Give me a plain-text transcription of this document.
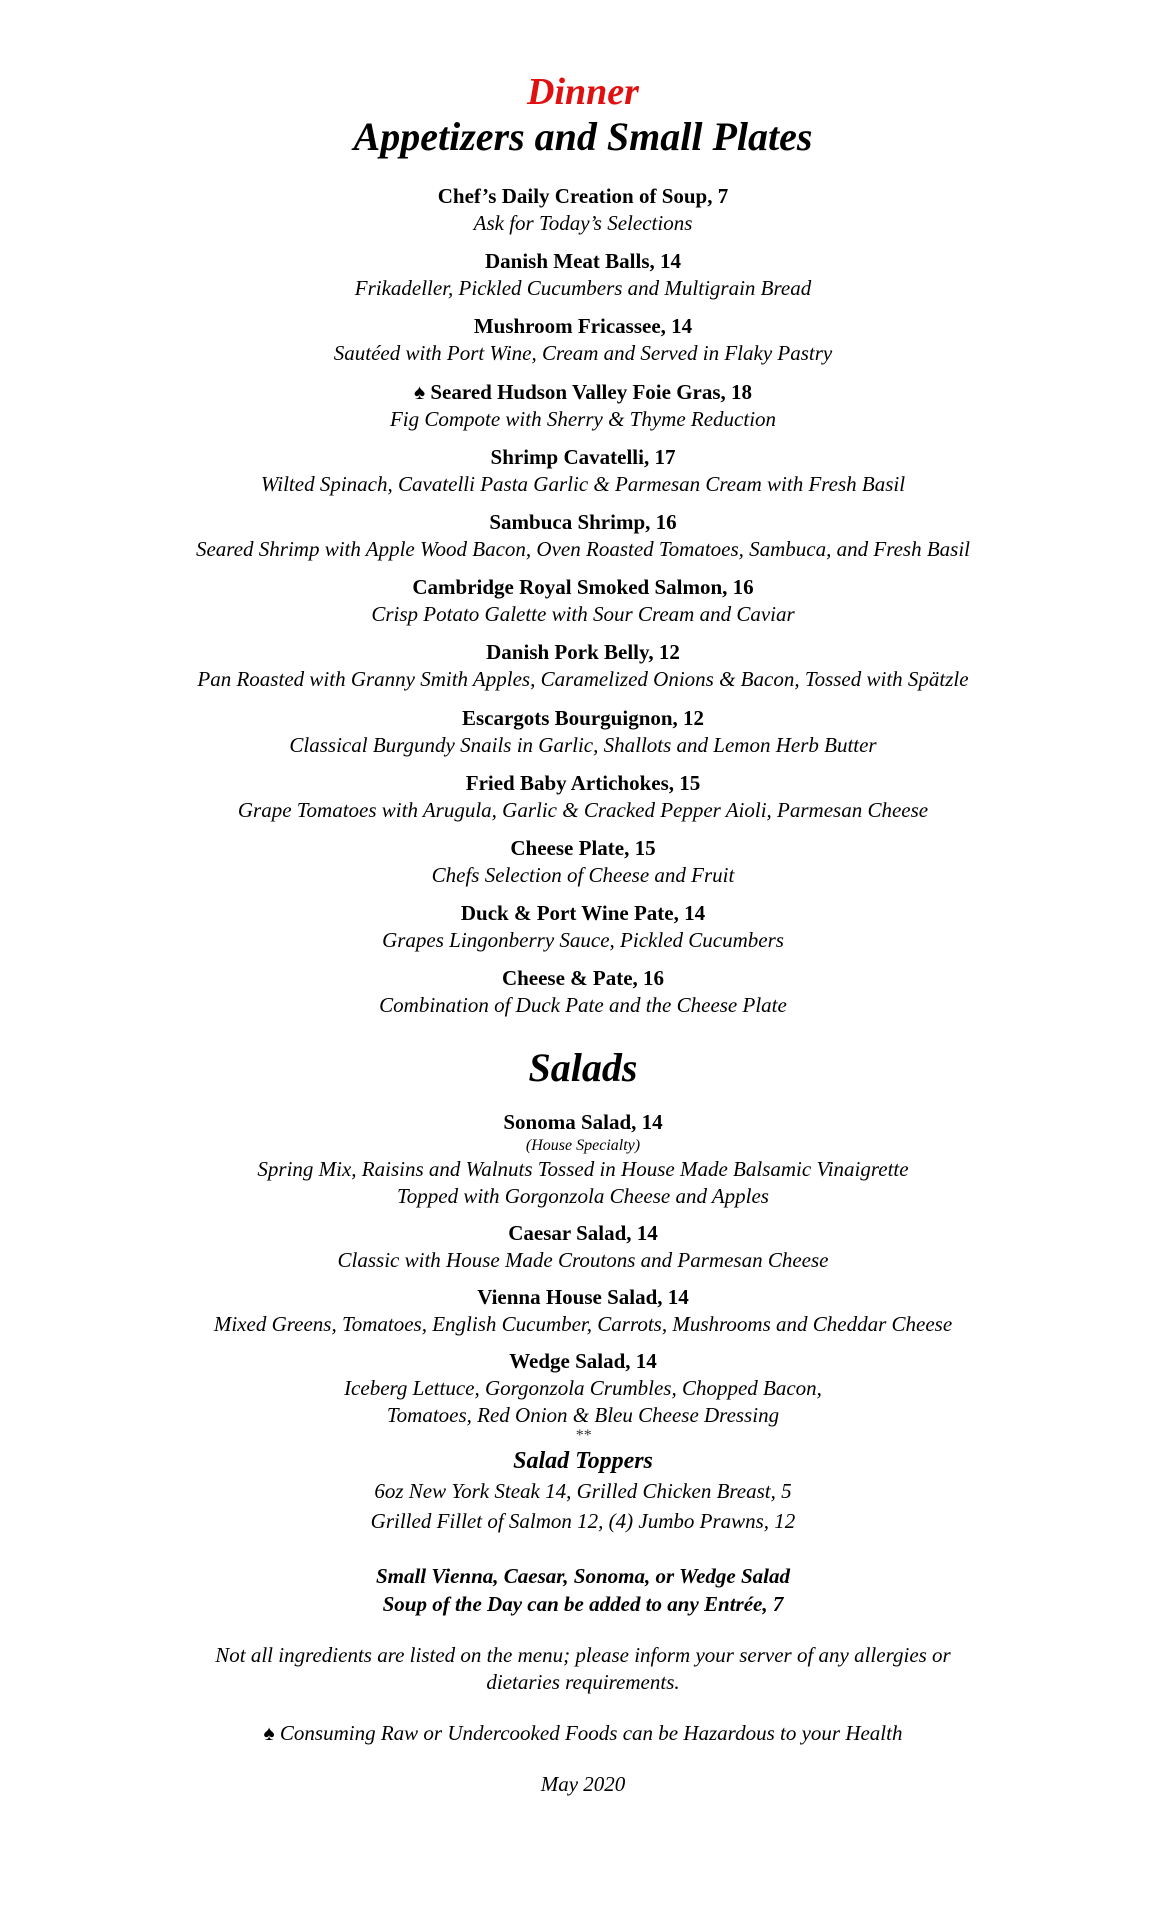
Dinner
Appetizers and Small Plates
Chef’s Daily Creation of Soup, 7
Ask for Today’s Selections
Danish Meat Balls, 14
Frikadeller, Pickled Cucumbers and Multigrain Bread
Mushroom Fricassee, 14
Sautéed with Port Wine, Cream and Served in Flaky Pastry
♠ Seared Hudson Valley Foie Gras, 18
Fig Compote with Sherry & Thyme Reduction
Shrimp Cavatelli, 17
Wilted Spinach, Cavatelli Pasta Garlic & Parmesan Cream with Fresh Basil
Sambuca Shrimp, 16
Seared Shrimp with Apple Wood Bacon, Oven Roasted Tomatoes, Sambuca, and Fresh Basil
Cambridge Royal Smoked Salmon, 16
Crisp Potato Galette with Sour Cream and Caviar
Danish Pork Belly, 12
Pan Roasted with Granny Smith Apples, Caramelized Onions & Bacon, Tossed with Spätzle
Escargots Bourguignon, 12
Classical Burgundy Snails in Garlic, Shallots and Lemon Herb Butter
Fried Baby Artichokes, 15
Grape Tomatoes with Arugula, Garlic & Cracked Pepper Aioli, Parmesan Cheese
Cheese Plate, 15
Chefs Selection of Cheese and Fruit
Duck & Port Wine Pate, 14
Grapes Lingonberry Sauce, Pickled Cucumbers
Cheese & Pate, 16
Combination of Duck Pate and the Cheese Plate
Salads
Sonoma Salad, 14
(House Specialty)
Spring Mix, Raisins and Walnuts Tossed in House Made Balsamic Vinaigrette
Topped with Gorgonzola Cheese and Apples
Caesar Salad, 14
Classic with House Made Croutons and Parmesan Cheese
Vienna House Salad, 14
Mixed Greens, Tomatoes, English Cucumber, Carrots, Mushrooms and Cheddar Cheese
Wedge Salad, 14
Iceberg Lettuce, Gorgonzola Crumbles, Chopped Bacon,
Tomatoes, Red Onion & Bleu Cheese Dressing
**
Salad Toppers
6oz New York Steak 14, Grilled Chicken Breast, 5
Grilled Fillet of Salmon 12, (4) Jumbo Prawns, 12
Small Vienna, Caesar, Sonoma, or Wedge Salad
Soup of the Day can be added to any Entrée, 7
Not all ingredients are listed on the menu; please inform your server of any allergies or
dietaries requirements.
♠ Consuming Raw or Undercooked Foods can be Hazardous to your Health
May 2020
